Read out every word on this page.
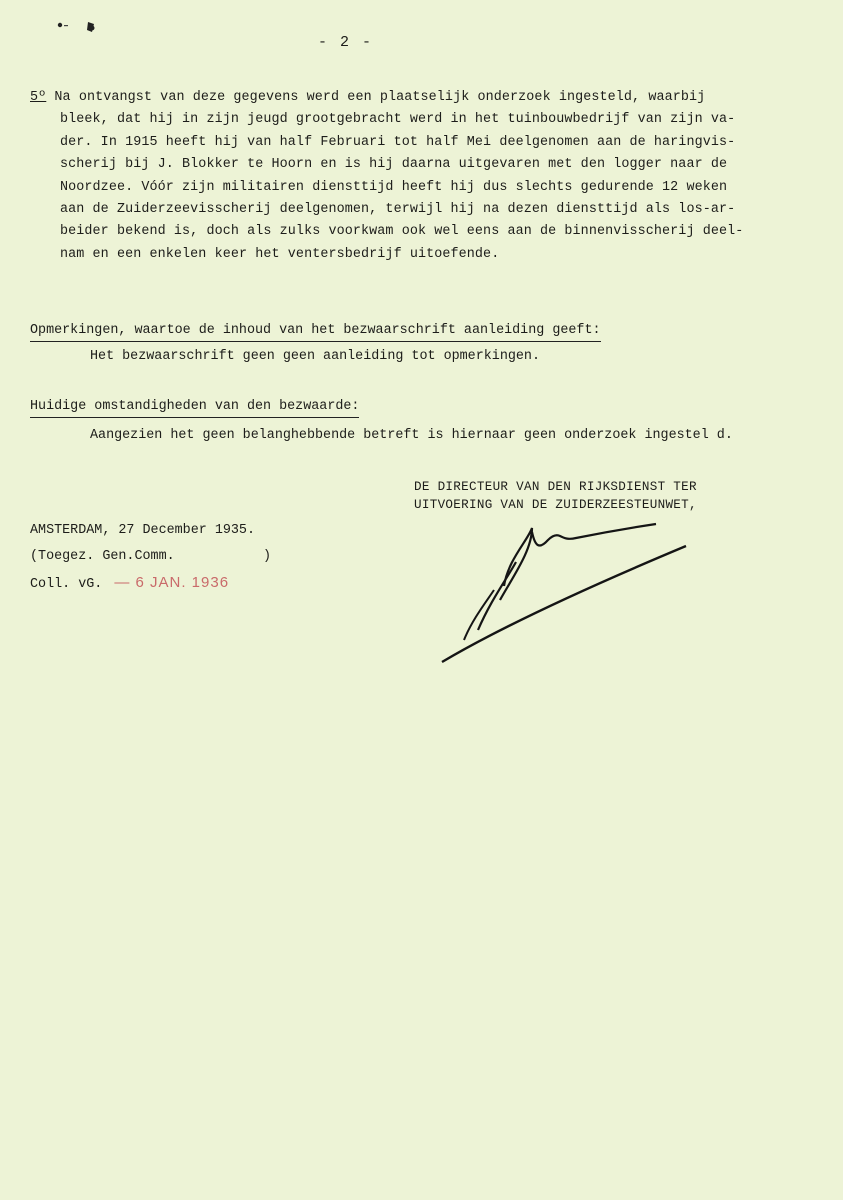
- 2 -
5º Na ontvangst van deze gegevens werd een plaatselijk onderzoek ingesteld, waarbij
bleek, dat hij in zijn jeugd grootgebracht werd in het tuinbouwbedrijf van zijn va-
der. In 1915 heeft hij van half Februari tot half Mei deelgenomen aan de haringvis-
scherij bij J. Blokker te Hoorn en is hij daarna uitgevaren met den logger naar de
Noordzee. Vóór zijn militairen diensttijd heeft hij dus slechts gedurende 12 weken
aan de Zuiderzeevisscherij deelgenomen, terwijl hij na dezen diensttijd als los-ar-
beider bekend is, doch als zulks voorkwam ook wel eens aan de binnenvisscherij deel-
nam en een enkelen keer het ventersbedrijf uitoefende.
Opmerkingen, waartoe de inhoud van het bezwaarschrift aanleiding geeft:
Het bezwaarschrift geen geen aanleiding tot opmerkingen.
Huidige omstandigheden van den bezwaarde:
Aangezien het geen belanghebbende betreft is hiernaar geen onderzoek ingestel d.
DE DIRECTEUR VAN DEN RIJKSDIENST TER
UITVOERING VAN DE ZUIDERZEESTEUNWET,
AMSTERDAM, 27 December 1935.
(Toegez. Gen.Comm.           )
Coll. vG. — 6 JAN. 1936
